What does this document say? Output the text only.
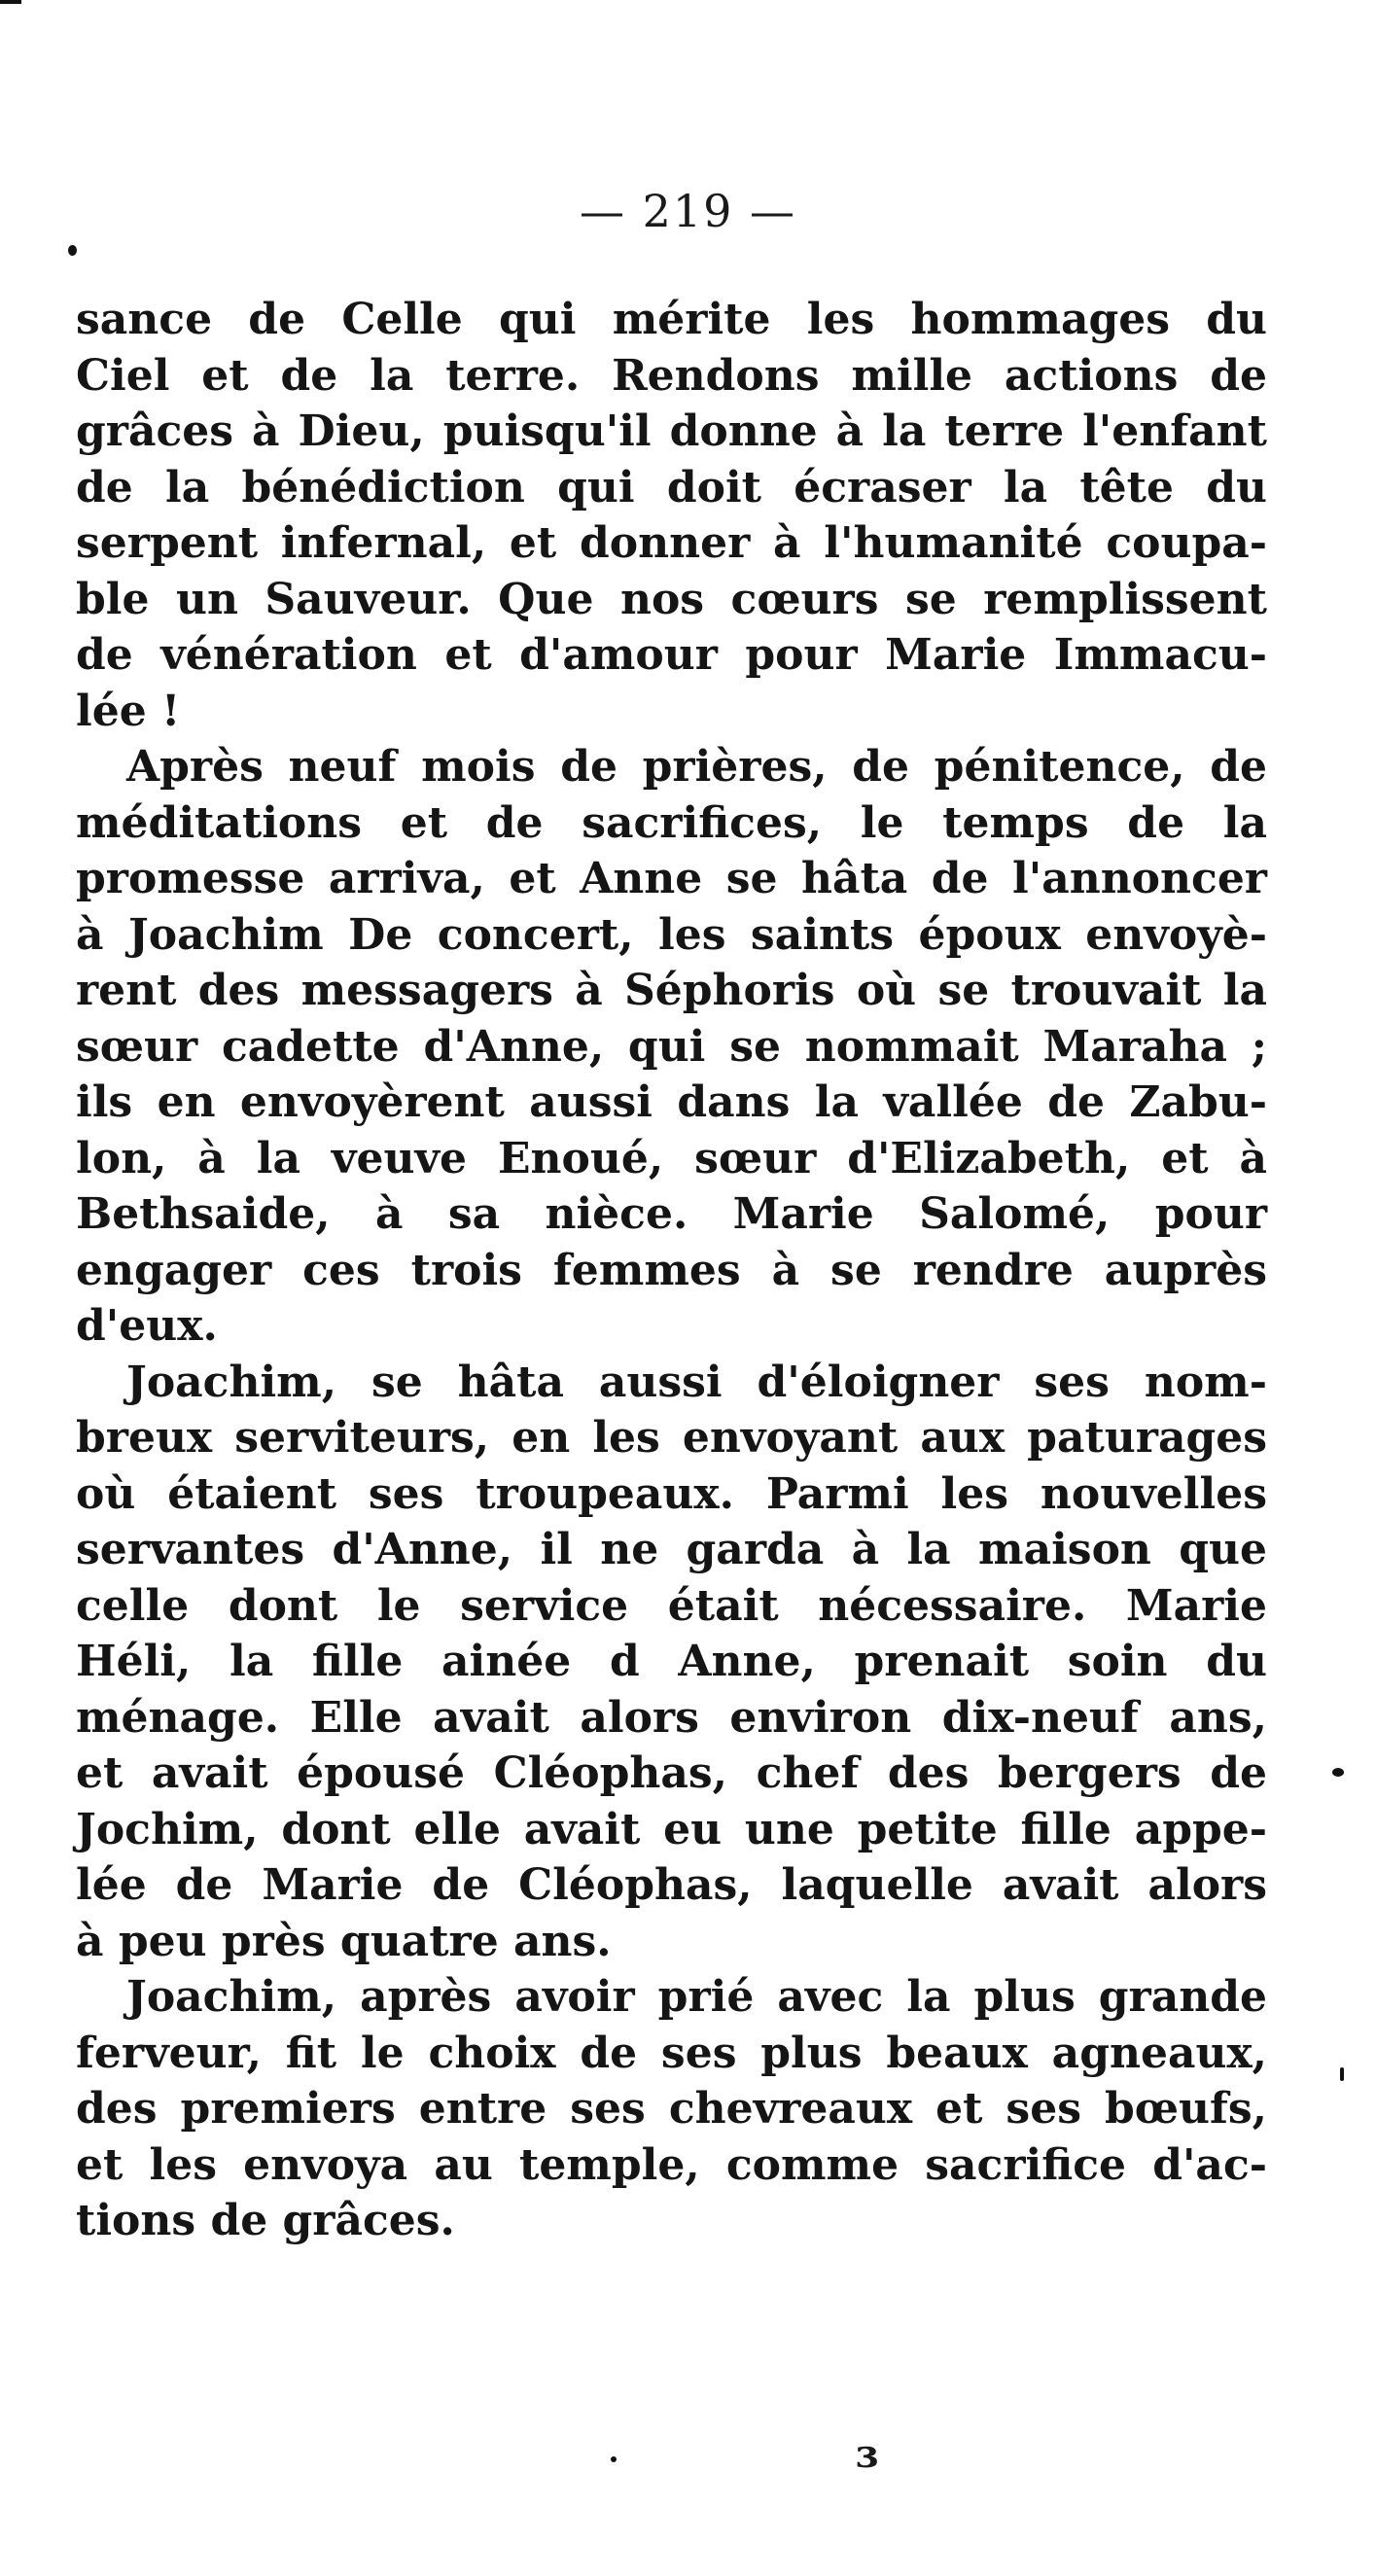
— 219 —
sance de Celle qui mérite les hommages du
Ciel et de la terre. Rendons mille actions de
grâces à Dieu, puisqu'il donne à la terre l'enfant
de la bénédiction qui doit écraser la tête du
serpent infernal, et donner à l'humanité coupa-
ble un Sauveur. Que nos cœurs se remplissent
de vénération et d'amour pour Marie Immacu-
lée !
Après neuf mois de prières, de pénitence, de
méditations et de sacrifices, le temps de la
promesse arriva, et Anne se hâta de l'annoncer
à Joachim De concert, les saints époux envoyè-
rent des messagers à Séphoris où se trouvait la
sœur cadette d'Anne, qui se nommait Maraha ;
ils en envoyèrent aussi dans la vallée de Zabu-
lon, à la veuve Enoué, sœur d'Elizabeth, et à
Bethsaide, à sa nièce. Marie Salomé, pour
engager ces trois femmes à se rendre auprès
d'eux.
Joachim, se hâta aussi d'éloigner ses nom-
breux serviteurs, en les envoyant aux paturages
où étaient ses troupeaux. Parmi les nouvelles
servantes d'Anne, il ne garda à la maison que
celle dont le service était nécessaire. Marie
Héli, la fille ainée d Anne, prenait soin du
ménage. Elle avait alors environ dix-neuf ans,
et avait épousé Cléophas, chef des bergers de
Jochim, dont elle avait eu une petite fille appe-
lée de Marie de Cléophas, laquelle avait alors
à peu près quatre ans.
Joachim, après avoir prié avec la plus grande
ferveur, fit le choix de ses plus beaux agneaux,
des premiers entre ses chevreaux et ses bœufs,
et les envoya au temple, comme sacrifice d'ac-
tions de grâces.
ɜ
